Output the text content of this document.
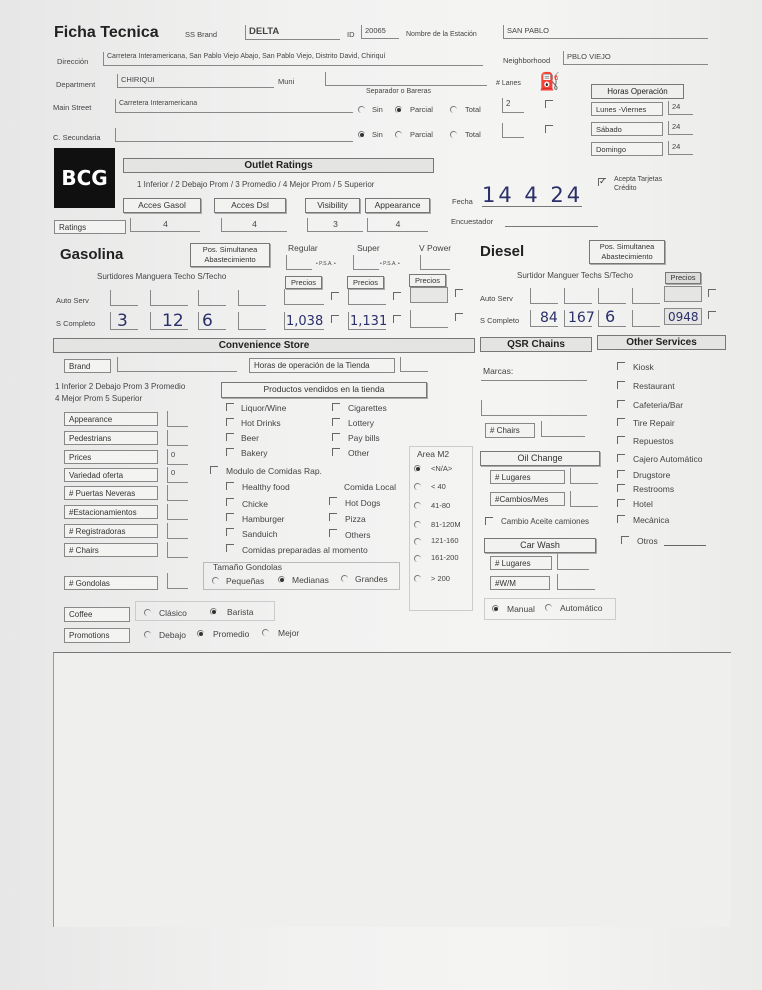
Ficha Tecnica	SS Brand	DELTA	ID	20065	Nombre de la Estación	SAN PABLO
Dirección
Carretera Interamericana, San Pablo Viejo Abajo, San Pablo Viejo, Distrito David, Chiriquí	Neighborhood	PBLO VIEJO
Department
CHIRIQUI	Muni	# Lanes ⛽
Horas Operación
Lunes -Viernes	24
Sábado	24
Domingo	24
Separador o Bareras
Main Street	Carretera Interamericana
Sin	Parcial	Total
2
C. Secundaria	Sin	Parcial	Total
BCG
Outlet Ratings
1 Inferior / 2 Debajo Prom / 3 Promedio / 4 Mejor Prom / 5 Superior
✓
Acepta Tarjetas Crédito
Acces Gasol	Acces Dsl	Visibility	Appearance	Fecha 14 4 24
Ratings	4	4	3	4	Encuestador
Gasolina	Pos. Simultanea Abastecimiento
Regular	Super	V Power
• P.S.A. •	• P.S.A. •
Surtidores Manguera Techo S/Techo
Precios	Precios	Precios
Auto Serv
S Completo 3 12 6	1,038 1,131
Diesel	Pos. Simultanea Abastecimiento
Surtidor Manguer Techs S/Techo	Precios
Auto Serv
S Completo 84 167 6	0948
Convenience Store	QSR Chains	Other Services
Brand	Horas de operación de la Tienda
1 Inferior 2 Debajo Prom 3 Promedio
4 Mejor Prom 5 Superior
Productos vendidos en la tienda
Appearance
Pedestrians
Prices	0
Variedad oferta	0
# Puertas Neveras
#Estacionamientos
# Registradoras
# Chairs
# Gondolas
Liquor/Wine
Hot Drinks
Beer
Bakery
Cigarettes
Lottery
Pay bills
Other
Modulo de Comidas Rap.
Comida Local
Healthy food
Chicke
Hamburger
Sanduich
Hot Dogs
Pizza
Others
Comidas preparadas al momento
Tamaño Gondolas
Pequeñas	Medianas	Grandes
Area M2
<N/A>
< 40
41-80
81-120M
121-160
161-200
> 200
Coffee	Clásico	Barista
Promotions	Debajo	Promedio	Mejor
Marcas:
# Chairs
Oil Change
# Lugares
#Cambios/Mes
Cambio Aceite camiones
Car Wash
# Lugares
#W/M
Manual	Automático
Kiosk
Restaurant
Cafeteria/Bar
Tire Repair
Repuestos
Cajero Automático
Drugstore
Restrooms
Hotel
Mecánica
Otros
